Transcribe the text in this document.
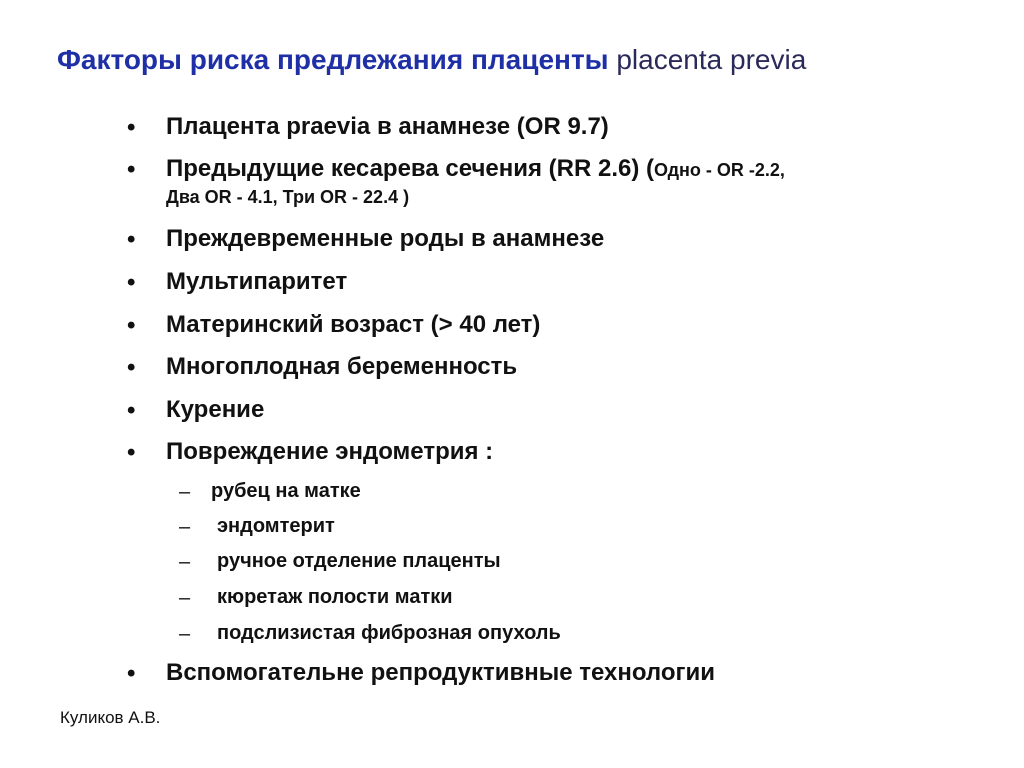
Факторы риска предлежания плаценты placenta previa
• Плацента praevia в анамнезе (OR 9.7)
• Предыдущие кесарева сечения (RR 2.6) (Одно - OR -2.2,
Два OR - 4.1, Три OR - 22.4 )
• Преждевременные роды в анамнезе
• Мультипаритет
• Материнский возраст (> 40 лет)
• Многоплодная беременность
• Курение
• Повреждение эндометрия :
– рубец на матке
– эндомтерит
– ручное отделение плаценты
– кюретаж полости матки
– подслизистая фиброзная опухоль
• Вспомогательне репродуктивные технологии
Куликов А.В.
